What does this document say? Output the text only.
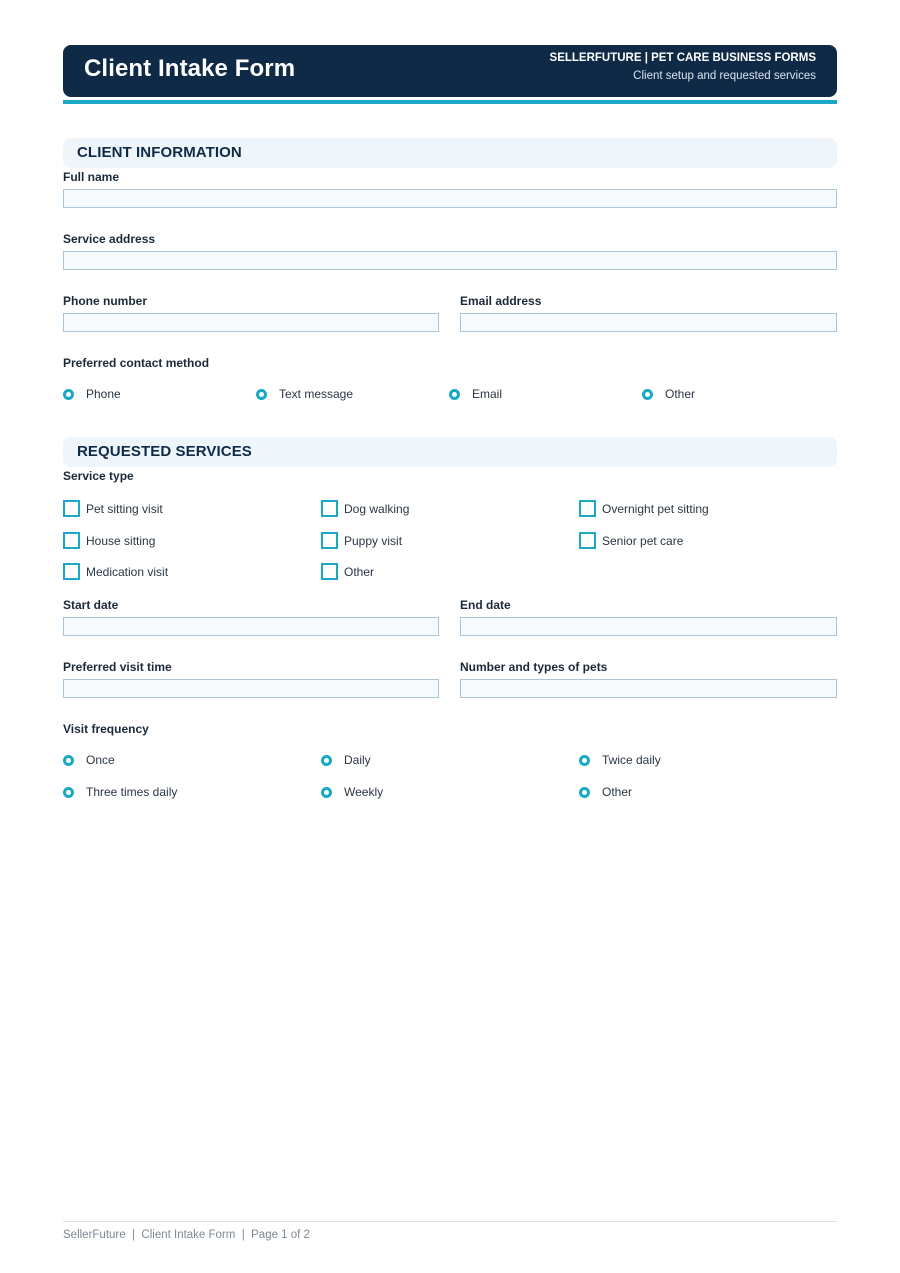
Client Intake Form	SELLERFUTURE | PET CARE BUSINESS FORMS
Client setup and requested services
CLIENT INFORMATION
Full name
Service address
Phone number	Email address
Preferred contact method
Phone	Text message	Email	Other
REQUESTED SERVICES
Service type
Pet sitting visit	Dog walking	Overnight pet sitting
House sitting	Puppy visit	Senior pet care
Medication visit	Other
Start date	End date
Preferred visit time	Number and types of pets
Visit frequency
Once	Daily	Twice daily
Three times daily	Weekly	Other
SellerFuture  |  Client Intake Form  |  Page 1 of 2
